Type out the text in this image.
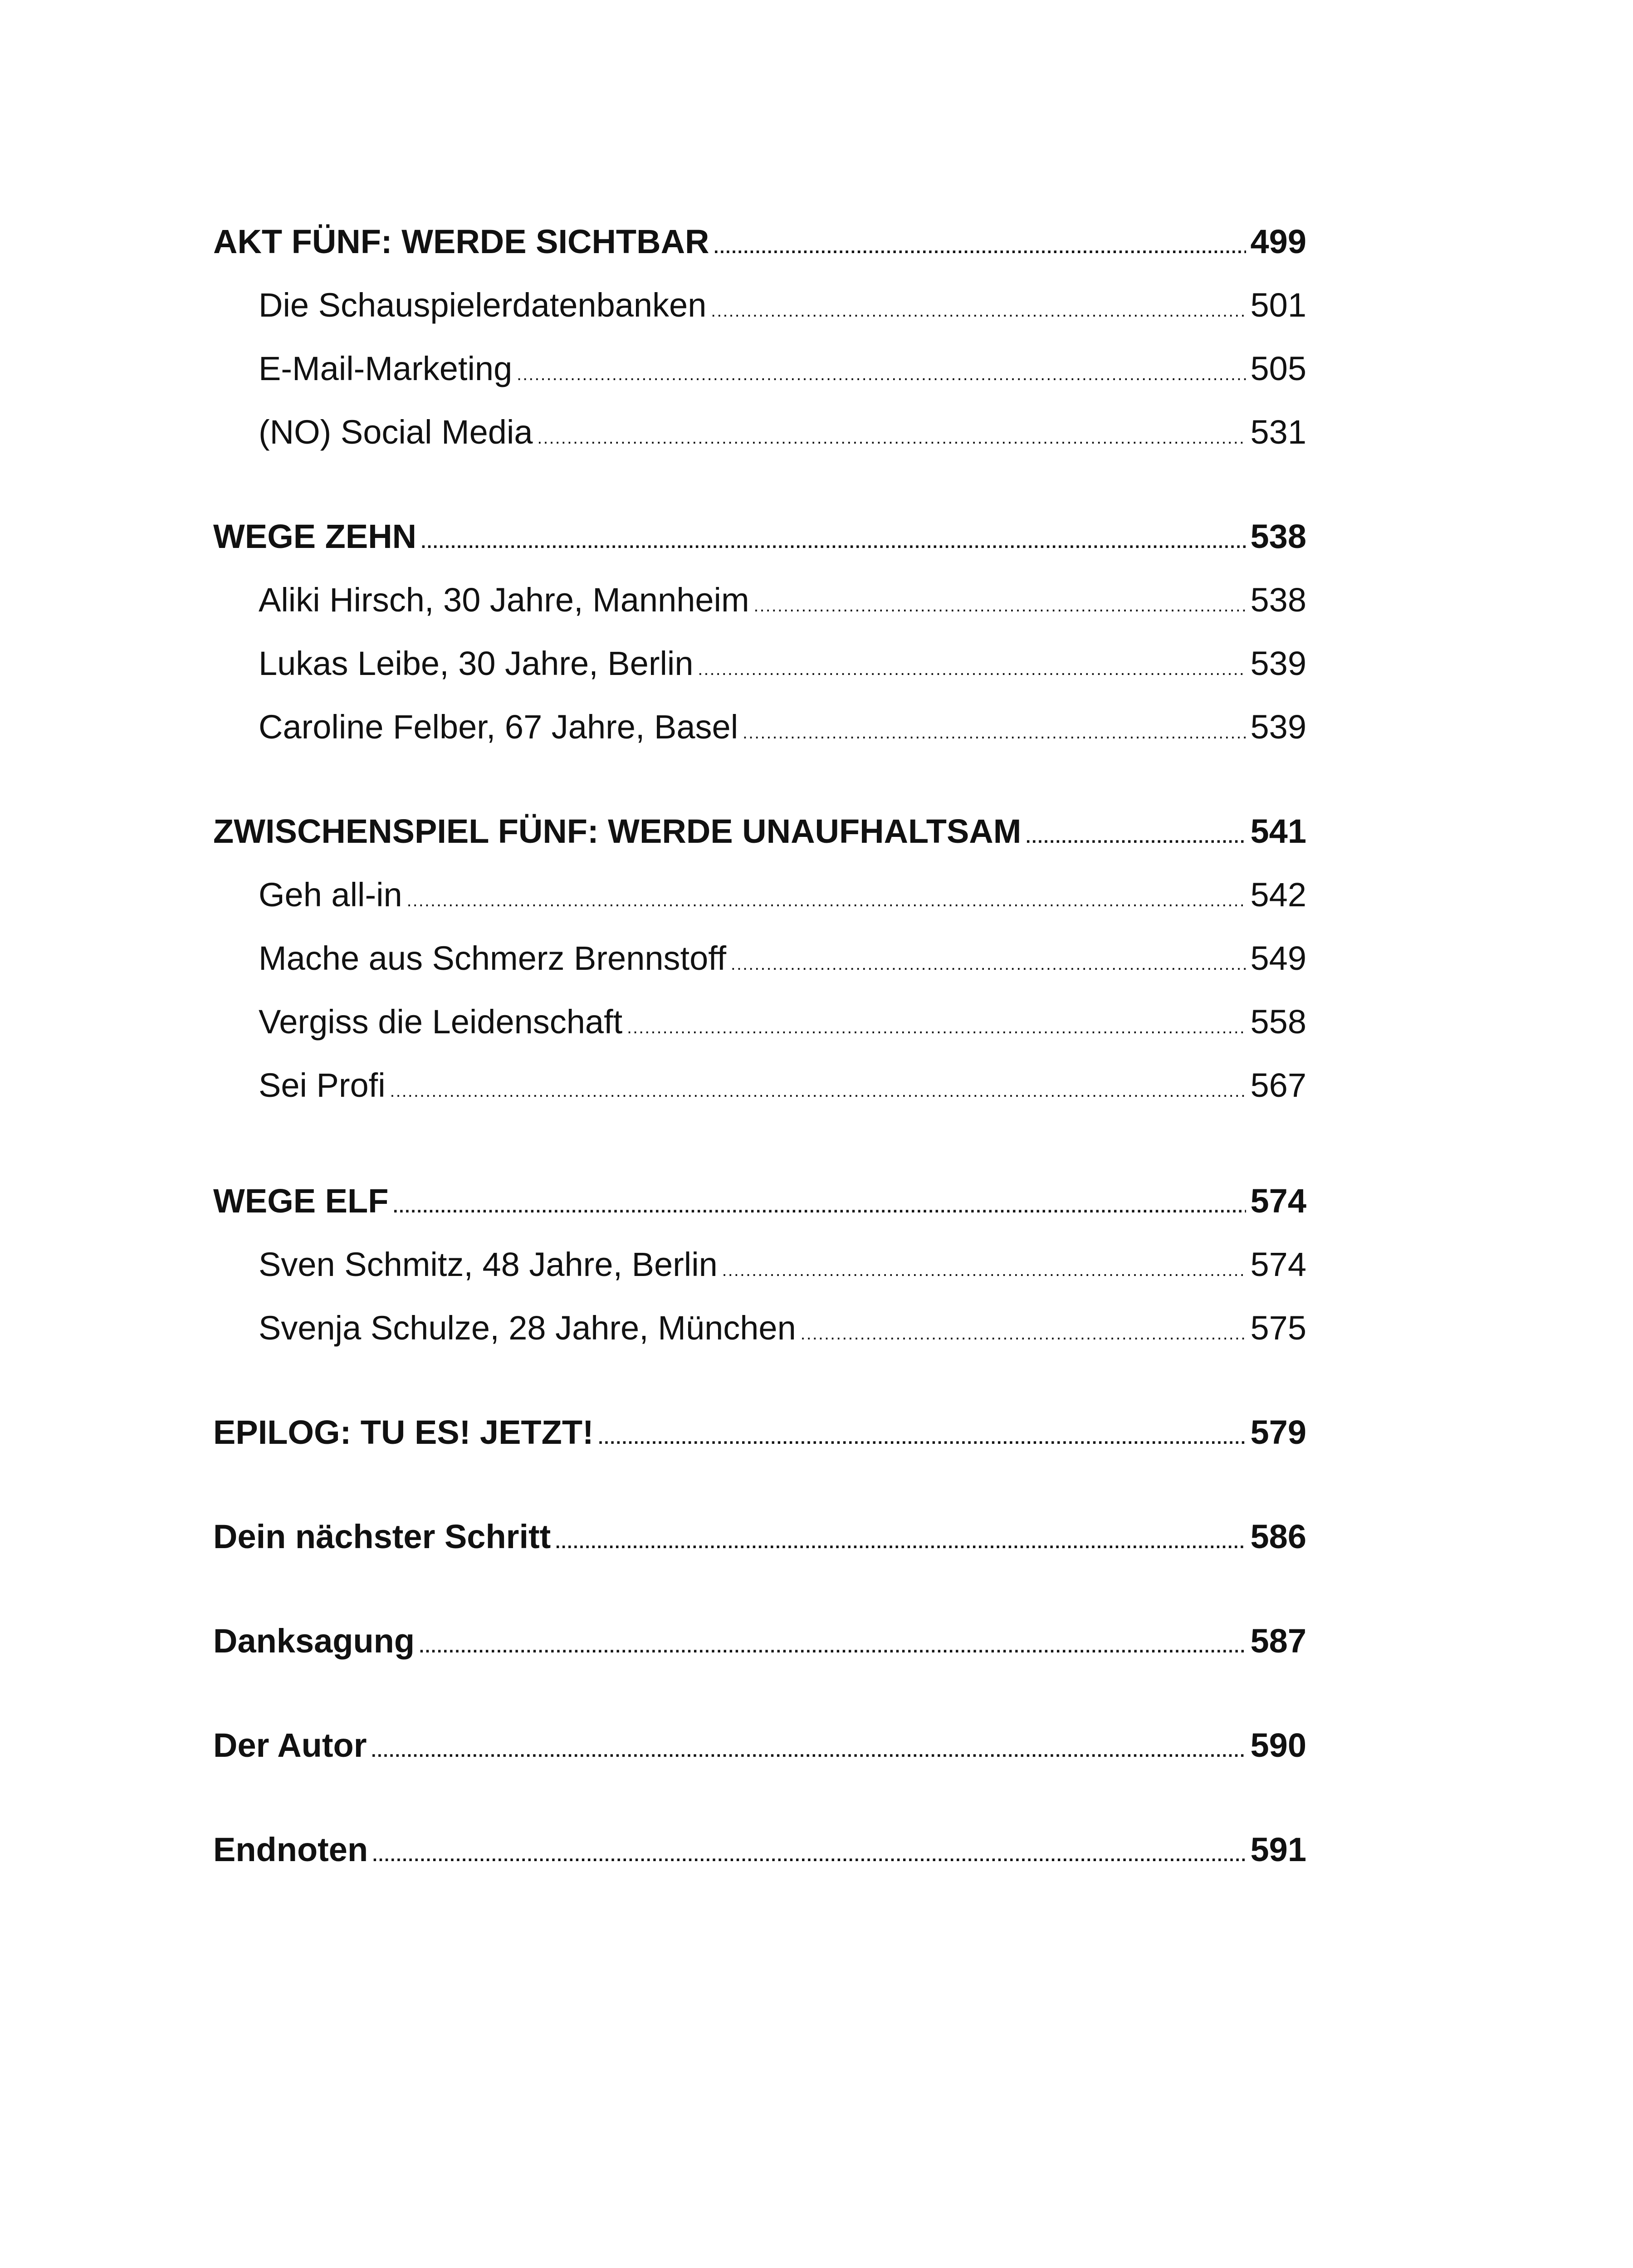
AKT FÜNF: WERDE SICHTBAR . . .	499
Die Schauspielerdatenbanken . . .	501
E-Mail-Marketing . . .	505
(NO) Social Media . . .	531
WEGE ZEHN . . .	538
Aliki Hirsch, 30 Jahre, Mannheim . . .	538
Lukas Leibe, 30 Jahre, Berlin . . .	539
Caroline Felber, 67 Jahre, Basel . . .	539
ZWISCHENSPIEL FÜNF: WERDE UNAUFHALTSAM . . .	541
Geh all-in . . .	542
Mache aus Schmerz Brennstoff . . .	549
Vergiss die Leidenschaft . . .	558
Sei Profi . . .	567
WEGE ELF . . .	574
Sven Schmitz, 48 Jahre, Berlin . . .	574
Svenja Schulze, 28 Jahre, München . . .	575
EPILOG: TU ES! JETZT! . . .	579
Dein nächster Schritt . . .	586
Danksagung . . .	587
Der Autor . . .	590
Endnoten . . .	591
